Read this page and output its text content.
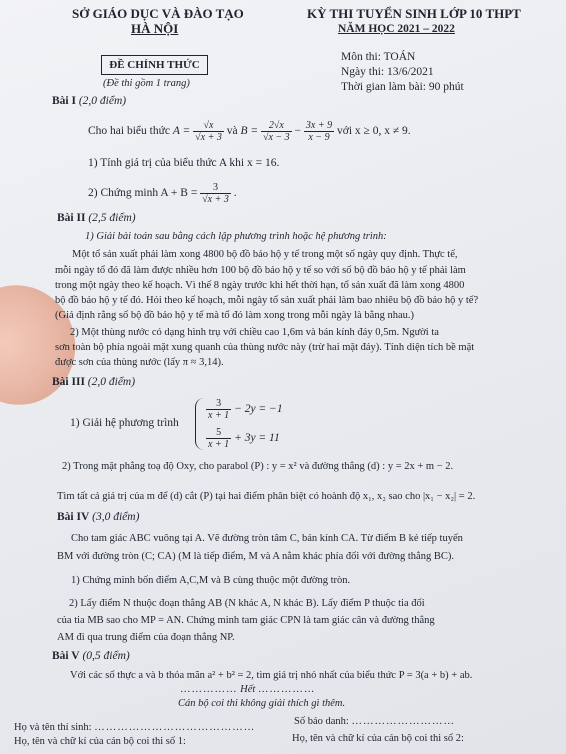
SỞ GIÁO DỤC VÀ ĐÀO TẠO
HÀ NỘI
KỲ THI TUYỂN SINH LỚP 10 THPT
NĂM HỌC 2021 – 2022
ĐỀ CHÍNH THỨC
(Đề thi gồm 1 trang)
Môn thi: TOÁN
Ngày thi: 13/6/2021
Thời gian làm bài: 90 phút
Bài I (2,0 điểm)
Cho hai biểu thức $A = \frac{√x}{√x + 3}$ và $B = \frac{2√x}{√x - 3} - \frac{3x + 9}{x - 9}$ với x ≥ 0, x ≠ 9.
1) Tính giá trị của biểu thức A khi x = 16.
2) Chứng minh $A + B = \frac{3}{√x + 3}$ .
Bài II (2,5 điểm)
1) Giải bài toán sau bằng cách lập phương trình hoặc hệ phương trình:
Một tổ sản xuất phải làm xong 4800 bộ đồ bảo hộ y tế trong một số ngày quy định. Thực tế,
mỗi ngày tổ đó đã làm được nhiều hơn 100 bộ đồ bảo hộ y tế so với số bộ đồ bảo hộ y tế phải làm
trong một ngày theo kế hoạch. Vì thế 8 ngày trước khi hết thời hạn, tổ sản xuất đã làm xong 4800
bộ đồ bảo hộ y tế đó. Hỏi theo kế hoạch, mỗi ngày tổ sản xuất phải làm bao nhiêu bộ đồ bảo hộ y tế?
(Giả định rằng số bộ đồ bảo hộ y tế mà tổ đó làm xong trong mỗi ngày là bằng nhau.)
2) Một thùng nước có dạng hình trụ với chiều cao 1,6m và bán kính đáy 0,5m. Người ta
sơn toàn bộ phía ngoài mặt xung quanh của thùng nước này (trừ hai mặt đáy). Tính diện tích bề mặt
được sơn của thùng nước (lấy π ≈ 3,14).
Bài III (2,0 điểm)
1) Giải hệ phương trình
$\frac{3}{x + 1} - 2y = -1$
$\frac{5}{x + 1} + 3y = 11$
2) Trong mặt phẳng toạ độ Oxy, cho parabol (P) : y = x² và đường thẳng (d) : y = 2x + m − 2.
Tìm tất cả giá trị của m để (d) cắt (P) tại hai điểm phân biệt có hoành độ x₁, x₂ sao cho |x₁ − x₂| = 2.
Bài IV (3,0 điểm)
Cho tam giác ABC vuông tại A. Vẽ đường tròn tâm C, bán kính CA. Từ điểm B kẻ tiếp tuyến
BM với đường tròn (C; CA) (M là tiếp điểm, M và A nằm khác phía đối với đường thẳng BC).
1) Chứng minh bốn điểm A,C,M và B cùng thuộc một đường tròn.
2) Lấy điểm N thuộc đoạn thẳng AB (N khác A, N khác B). Lấy điểm P thuộc tia đối
của tia MB sao cho MP = AN. Chứng minh tam giác CPN là tam giác cân và đường thẳng
AM đi qua trung điểm của đoạn thẳng NP.
Bài V (0,5 điểm)
Với các số thực a và b thỏa mãn a² + b² = 2, tìm giá trị nhỏ nhất của biểu thức P = 3(a + b) + ab.
…………… Hết ……………
Cán bộ coi thi không giải thích gì thêm.
Họ và tên thí sinh: ……………………………………
Số báo danh: ………………………
Họ, tên và chữ kí của cán bộ coi thi số 1:	Họ, tên và chữ kí của cán bộ coi thi số 2:
